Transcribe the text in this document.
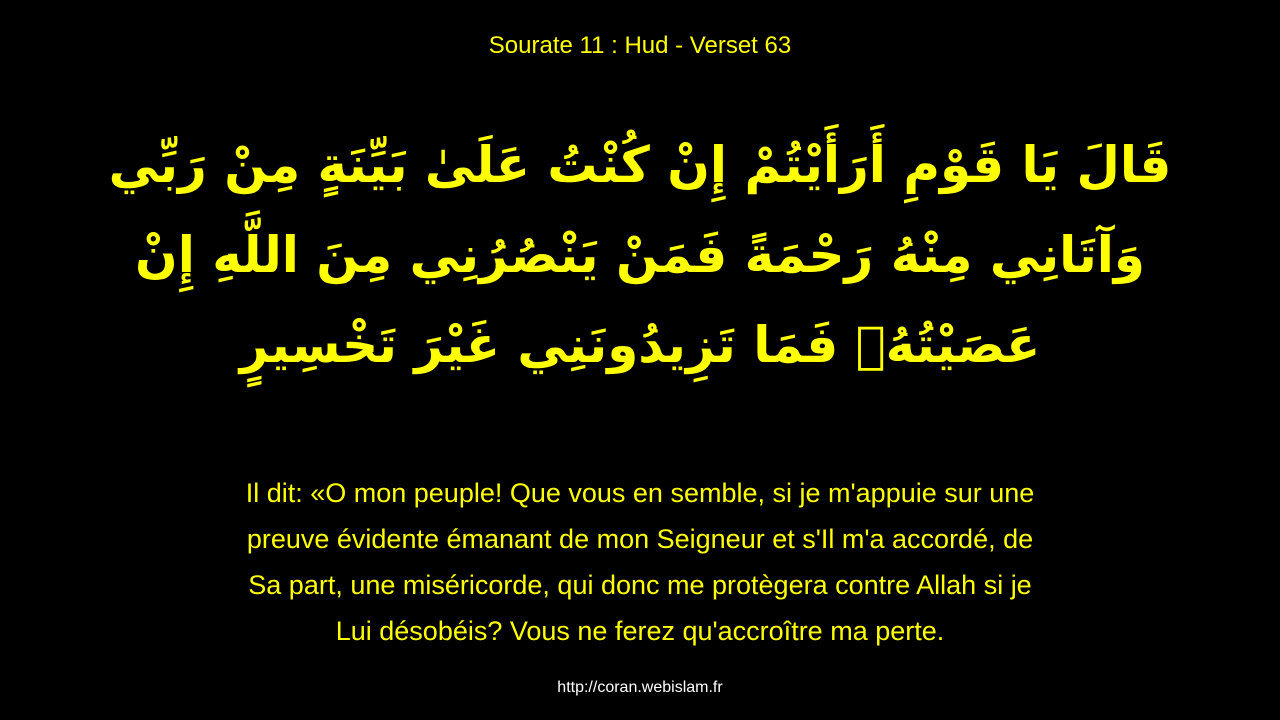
Sourate 11 : Hud - Verset 63
قَالَ يَا قَوْمِ أَرَأَيْتُمْ إِنْ كُنْتُ عَلَىٰ بَيِّنَةٍ مِنْ رَبِّي
وَآتَانِي مِنْهُ رَحْمَةً فَمَنْ يَنْصُرُنِي مِنَ اللَّهِ إِنْ
عَصَيْتُهُۖ فَمَا تَزِيدُونَنِي غَيْرَ تَخْسِيرٍ
Il dit: «O mon peuple! Que vous en semble, si je m'appuie sur une
preuve évidente émanant de mon Seigneur et s'Il m'a accordé, de
Sa part, une miséricorde, qui donc me protègera contre Allah si je
Lui désobéis? Vous ne ferez qu'accroître ma perte.
http://coran.webislam.fr
